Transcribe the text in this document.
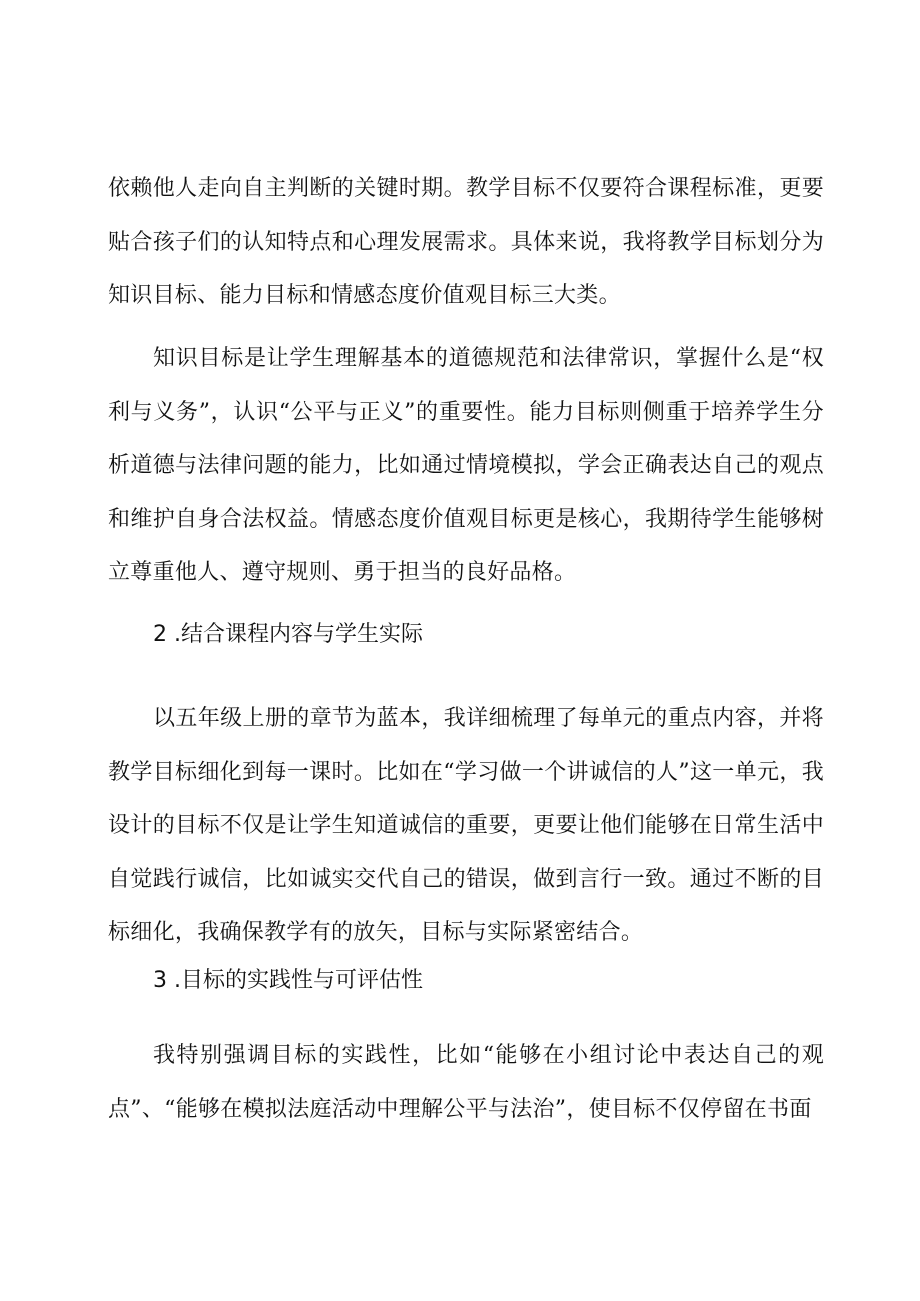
依赖他人走向自主判断的关键时期。教学目标不仅要符合课程标准，更要贴合孩子们的认知特点和心理发展需求。具体来说，我将教学目标划分为知识目标、能力目标和情感态度价值观目标三大类。

知识目标是让学生理解基本的道德规范和法律常识，掌握什么是“权利与义务”，认识“公平与正义”的重要性。能力目标则侧重于培养学生分析道德与法律问题的能力，比如通过情境模拟，学会正确表达自己的观点和维护自身合法权益。情感态度价值观目标更是核心，我期待学生能够树立尊重他人、遵守规则、勇于担当的良好品格。

2 .结合课程内容与学生实际

以五年级上册的章节为蓝本，我详细梳理了每单元的重点内容，并将教学目标细化到每一课时。比如在“学习做一个讲诚信的人”这一单元，我设计的目标不仅是让学生知道诚信的重要，更要让他们能够在日常生活中自觉践行诚信，比如诚实交代自己的错误，做到言行一致。通过不断的目标细化，我确保教学有的放矢，目标与实际紧密结合。

3 .目标的实践性与可评估性

我特别强调目标的实践性，比如“能够在小组讨论中表达自己的观点”、“能够在模拟法庭活动中理解公平与法治”，使目标不仅停留在书面
